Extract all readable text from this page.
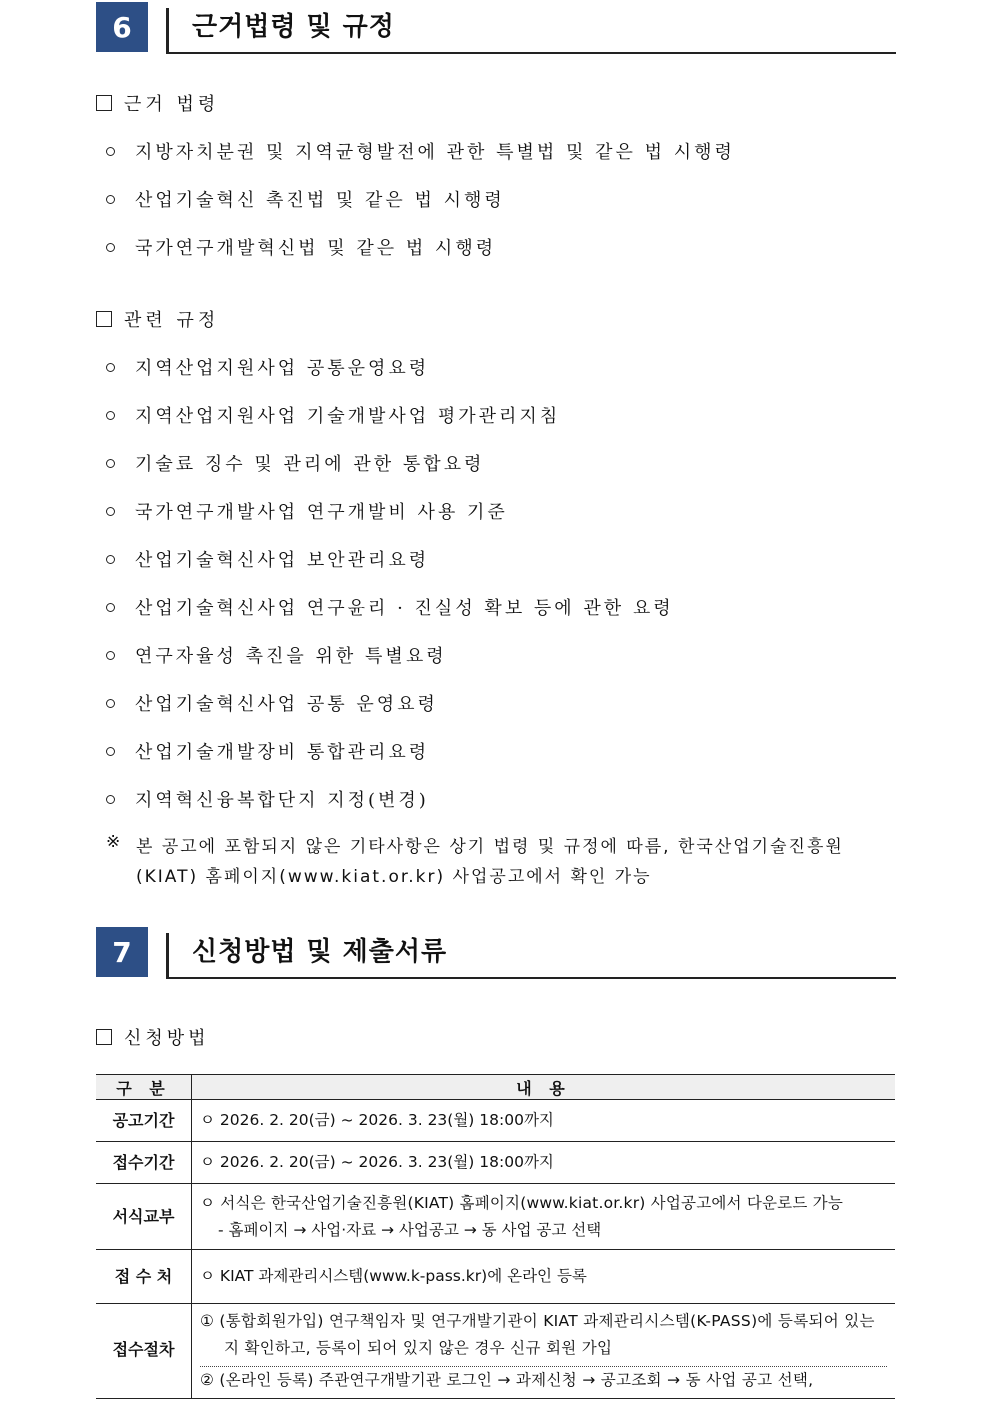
6	근거법령 및 규정
근거 법령
지방자치분권 및 지역균형발전에 관한 특별법 및 같은 법 시행령
산업기술혁신 촉진법 및 같은 법 시행령
국가연구개발혁신법 및 같은 법 시행령
관련 규정
지역산업지원사업 공통운영요령
지역산업지원사업 기술개발사업 평가관리지침
기술료 징수 및 관리에 관한 통합요령
국가연구개발사업 연구개발비 사용 기준
산업기술혁신사업 보안관리요령
산업기술혁신사업 연구윤리 · 진실성 확보 등에 관한 요령
연구자율성 촉진을 위한 특별요령
산업기술혁신사업 공통 운영요령
산업기술개발장비 통합관리요령
지역혁신융복합단지 지정(변경)
※ 본 공고에 포함되지 않은 기타사항은 상기 법령 및 규정에 따름, 한국산업기술진흥원
(KIAT) 홈페이지(www.kiat.or.kr) 사업공고에서 확인 가능
7	신청방법 및 제출서류
신청방법
구 분	내 용
공고기간	ㅇ 2026. 2. 20(금) ~ 2026. 3. 23(월) 18:00까지
접수기간	ㅇ 2026. 2. 20(금) ~ 2026. 3. 23(월) 18:00까지
서식교부	ㅇ 서식은 한국산업기술진흥원(KIAT) 홈페이지(www.kiat.or.kr) 사업공고에서 다운로드 가능
- 홈페이지 → 사업·자료 → 사업공고 → 동 사업 공고 선택

접 수 처	ㅇ KIAT 과제관리시스템(www.k-pass.kr)에 온라인 등록
접수절차	① (통합회원가입) 연구책임자 및 연구개발기관이 KIAT 과제관리시스템(K-PASS)에 등록되어 있는지 확인하고, 등록이 되어 있지 않은 경우 신규 회원 가입
② (온라인 등록) 주관연구개발기관 로그인 → 과제신청 → 공고조회 → 동 사업 공고 선택,
